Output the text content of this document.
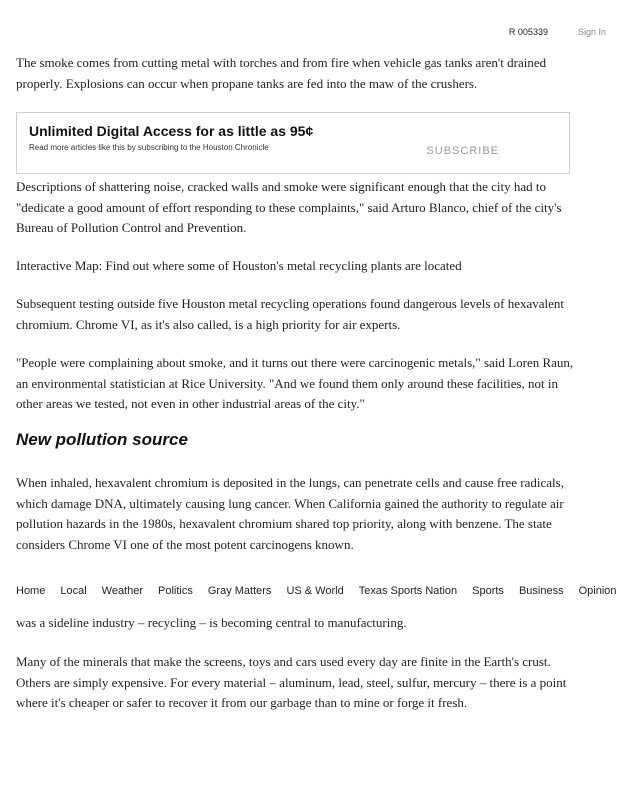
R 005339	Sign In

The smoke comes from cutting metal with torches and from fire when vehicle gas tanks aren't drained properly. Explosions can occur when propane tanks are fed into the maw of the crushers.

Unlimited Digital Access for as little as 95¢
Read more articles like this by subscribing to the Houston Chronicle	SUBSCRIBE

Descriptions of shattering noise, cracked walls and smoke were significant enough that the city had to "dedicate a good amount of effort responding to these complaints," said Arturo Blanco, chief of the city's Bureau of Pollution Control and Prevention.

Interactive Map: Find out where some of Houston's metal recycling plants are located

Subsequent testing outside five Houston metal recycling operations found dangerous levels of hexavalent chromium. Chrome VI, as it's also called, is a high priority for air experts.

"People were complaining about smoke, and it turns out there were carcinogenic metals," said Loren Raun, an environmental statistician at Rice University. "And we found them only around these facilities, not in other areas we tested, not even in other industrial areas of the city."

New pollution source

When inhaled, hexavalent chromium is deposited in the lungs, can penetrate cells and cause free radicals, which damage DNA, ultimately causing lung cancer. When California gained the authority to regulate air pollution hazards in the 1980s, hexavalent chromium shared top priority, along with benzene. The state considers Chrome VI one of the most potent carcinogens known.

was a sideline industry – recycling – is becoming central to manufacturing.

Many of the minerals that make the screens, toys and cars used every day are finite in the Earth's crust. Others are simply expensive. For every material – aluminum, lead, steel, sulfur, mercury – there is a point where it's cheaper or safer to recover it from our garbage than to mine or forge it fresh.

Home Local Weather Politics Gray Matters US & World Texas Sports Nation Sports Business Opinion
